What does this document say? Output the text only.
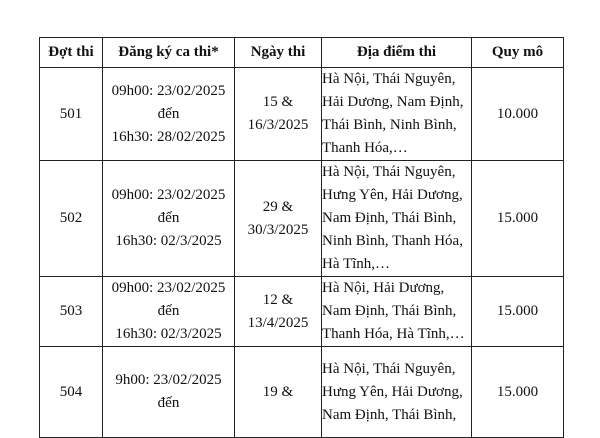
Đợt thi	Đăng ký ca thi*	Ngày thi	Địa điểm thi	Quy mô
501	09h00: 23/02/2025
đến
16h30: 28/02/2025	15 &
16/3/2025	Hà Nội, Thái Nguyên,
Hải Dương, Nam Định,
Thái Bình, Ninh Bình,
Thanh Hóa,…	10.000
502	09h00: 23/02/2025
đến
16h30: 02/3/2025	29 &
30/3/2025	Hà Nội, Thái Nguyên,
Hưng Yên, Hải Dương,
Nam Định, Thái Bình,
Ninh Bình, Thanh Hóa,
Hà Tĩnh,…	15.000
503	09h00: 23/02/2025
đến
16h30: 02/3/2025	12 &
13/4/2025	Hà Nội, Hải Dương,
Nam Định, Thái Bình,
Thanh Hóa, Hà Tĩnh,…	15.000
504	9h00: 23/02/2025
đến	19 &	Hà Nội, Thái Nguyên,
Hưng Yên, Hải Dương,
Nam Định, Thái Bình,	15.000
